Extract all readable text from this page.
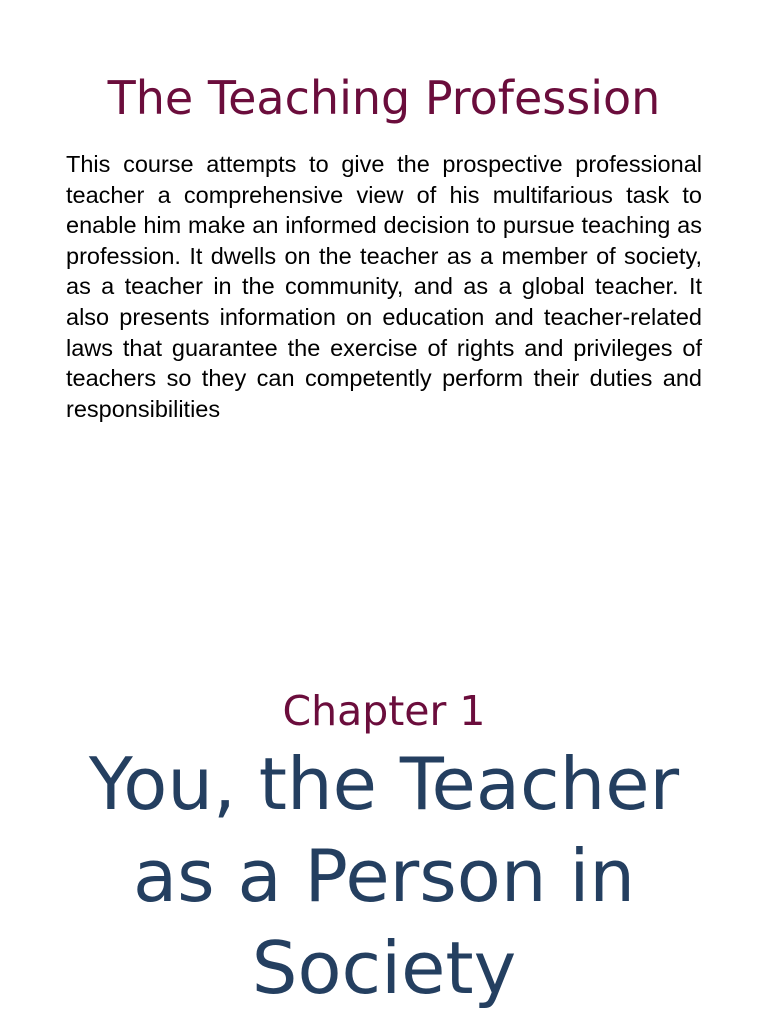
The Teaching Profession

This course attempts to give the prospective professional teacher a comprehensive view of his multifarious task to enable him make an informed decision to pursue teaching as profession. It dwells on the teacher as a member of society, as a teacher in the community, and as a global teacher. It also presents information on education and teacher-related laws that guarantee the exercise of rights and privileges of teachers so they can competently perform their duties and responsibilities

Chapter 1
You, the Teacher
as a Person in
Society
